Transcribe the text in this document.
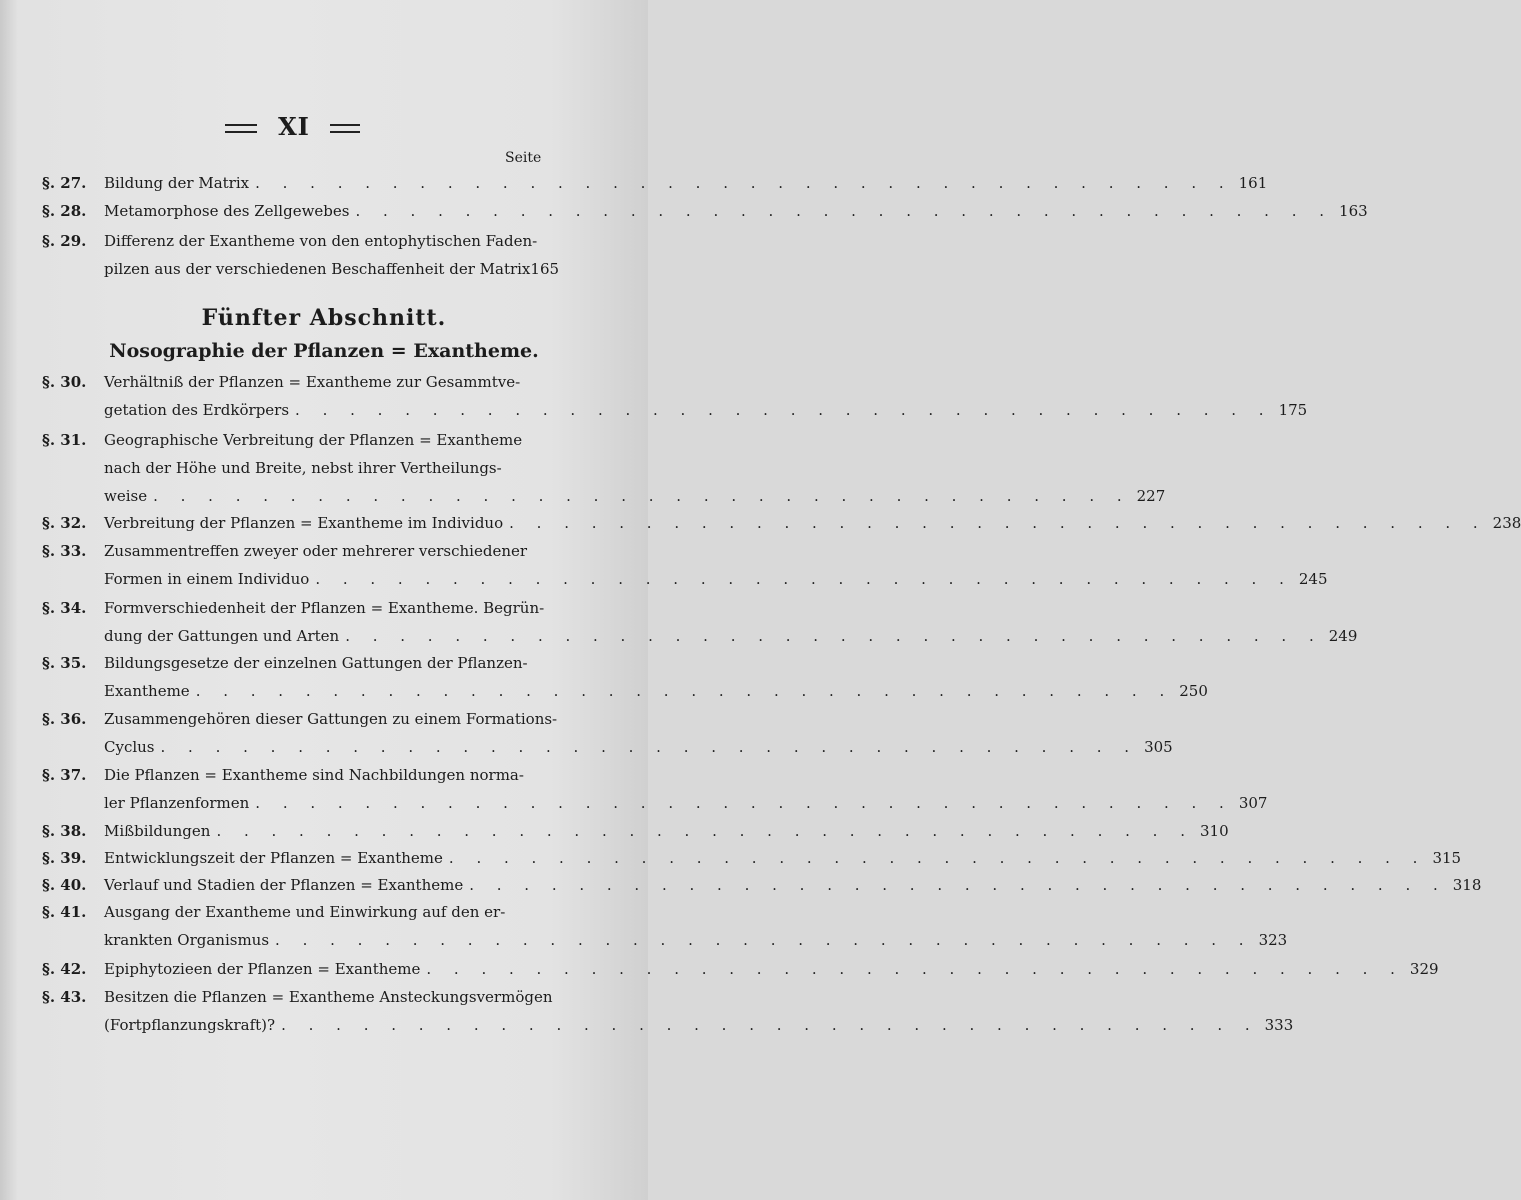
XI
Seite
§. 27. Bildung der Matrix . . . . . . . . . . . . . . . . . . . . . . . . . . . . . . . . . . . . 161
§. 28. Metamorphose des Zellgewebes . . . . . . . . . . . . . . . . . . . . . . . . . . . . . . . . . . . . 163
§. 29. Differenz der Exantheme von den entophytischen Faden-
pilzen aus der verschiedenen Beschaffenheit der Matrix 165
Fünfter Abschnitt.
Nosographie der Pflanzen = Exantheme.
§. 30. Verhältniß der Pflanzen = Exantheme zur Gesammtve-
getation des Erdkörpers . . . . . . . . . . . . . . . . . . . . . . . . . . . . . . . . . . . . 175
§. 31. Geographische Verbreitung der Pflanzen = Exantheme
nach der Höhe und Breite, nebst ihrer Vertheilungs-
weise . . . . . . . . . . . . . . . . . . . . . . . . . . . . . . . . . . . . 227
§. 32. Verbreitung der Pflanzen = Exantheme im Individuo . . . . . . . . . . . . . . . . . . . . . . . . . . . . . . . . . . . . 238
§. 33. Zusammentreffen zweyer oder mehrerer verschiedener
Formen in einem Individuo . . . . . . . . . . . . . . . . . . . . . . . . . . . . . . . . . . . . 245
§. 34. Formverschiedenheit der Pflanzen = Exantheme. Begrün-
dung der Gattungen und Arten . . . . . . . . . . . . . . . . . . . . . . . . . . . . . . . . . . . . 249
§. 35. Bildungsgesetze der einzelnen Gattungen der Pflanzen-
Exantheme . . . . . . . . . . . . . . . . . . . . . . . . . . . . . . . . . . . . 250
§. 36. Zusammengehören dieser Gattungen zu einem Formations-
Cyclus . . . . . . . . . . . . . . . . . . . . . . . . . . . . . . . . . . . . 305
§. 37. Die Pflanzen = Exantheme sind Nachbildungen norma-
ler Pflanzenformen . . . . . . . . . . . . . . . . . . . . . . . . . . . . . . . . . . . . 307
§. 38. Mißbildungen . . . . . . . . . . . . . . . . . . . . . . . . . . . . . . . . . . . . 310
§. 39. Entwicklungszeit der Pflanzen = Exantheme . . . . . . . . . . . . . . . . . . . . . . . . . . . . . . . . . . . . 315
§. 40. Verlauf und Stadien der Pflanzen = Exantheme . . . . . . . . . . . . . . . . . . . . . . . . . . . . . . . . . . . . 318
§. 41. Ausgang der Exantheme und Einwirkung auf den er-
krankten Organismus . . . . . . . . . . . . . . . . . . . . . . . . . . . . . . . . . . . . 323
§. 42. Epiphytozieen der Pflanzen = Exantheme . . . . . . . . . . . . . . . . . . . . . . . . . . . . . . . . . . . . 329
§. 43. Besitzen die Pflanzen = Exantheme Ansteckungsvermögen
(Fortpflanzungskraft)? . . . . . . . . . . . . . . . . . . . . . . . . . . . . . . . . . . . . 333
